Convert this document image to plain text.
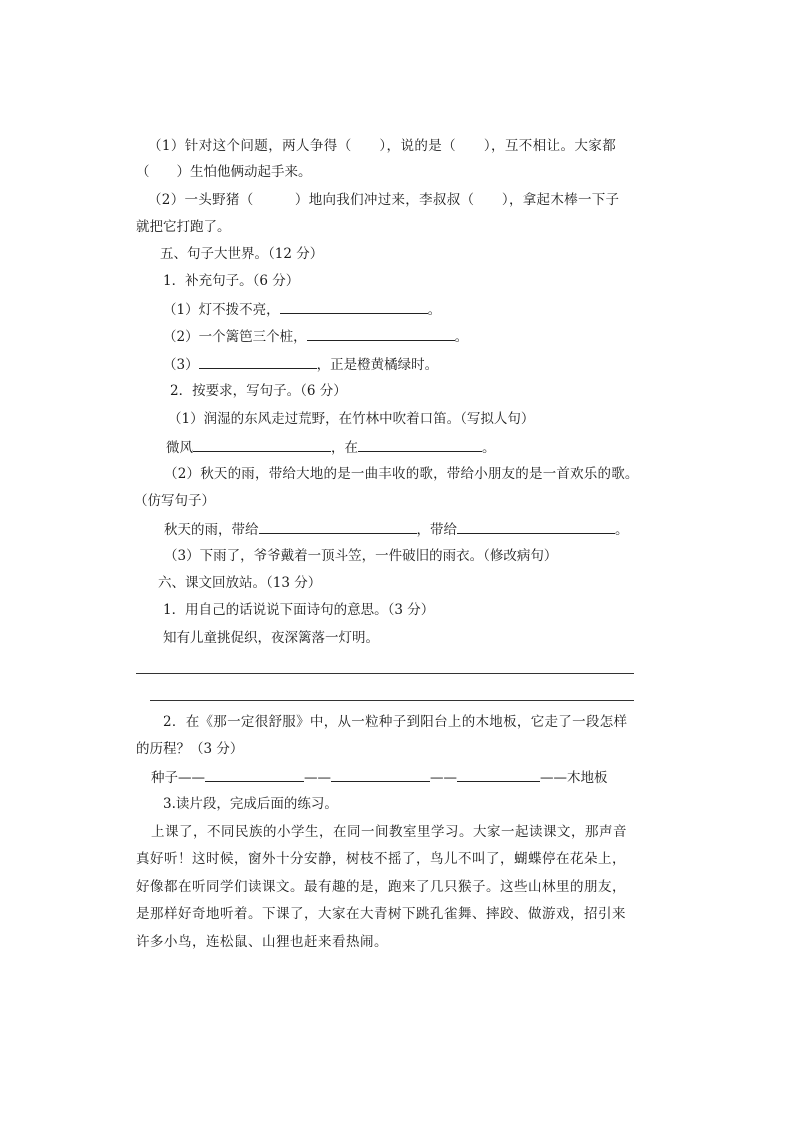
（1）针对这个问题，两人争得（　　），说的是（　　），互不相让。大家都
（　　）生怕他俩动起手来。
（2）一头野猪（　　　）地向我们冲过来，李叔叔（　　），拿起木棒一下子
就把它打跑了。
五、句子大世界。（12 分）
1．补充句子。（6 分）
（1）灯不拨不亮，	。
（2）一个篱笆三个桩，	。
（3）	，正是橙黄橘绿时。
2．按要求，写句子。（6 分）
（1）润湿的东风走过荒野，在竹林中吹着口笛。（写拟人句）
微风	，在	。
（2）秋天的雨，带给大地的是一曲丰收的歌，带给小朋友的是一首欢乐的歌。
（仿写句子）
秋天的雨，带给	，带给	。
（3）下雨了，爷爷戴着一顶斗笠，一件破旧的雨衣。（修改病句）
六、课文回放站。（13 分）
1．用自己的话说说下面诗句的意思。（3 分）
知有儿童挑促织，夜深篱落一灯明。
2．在《那一定很舒服》中，从一粒种子到阳台上的木地板，它走了一段怎样
的历程？（3 分）
种子——	——	——	——木地板
3.读片段，完成后面的练习。
上课了，不同民族的小学生，在同一间教室里学习。大家一起读课文，那声音
真好听！这时候，窗外十分安静，树枝不摇了，鸟儿不叫了，蝴蝶停在花朵上，
好像都在听同学们读课文。最有趣的是，跑来了几只猴子。这些山林里的朋友，
是那样好奇地听着。下课了，大家在大青树下跳孔雀舞、摔跤、做游戏，招引来
许多小鸟，连松鼠、山狸也赶来看热闹。
